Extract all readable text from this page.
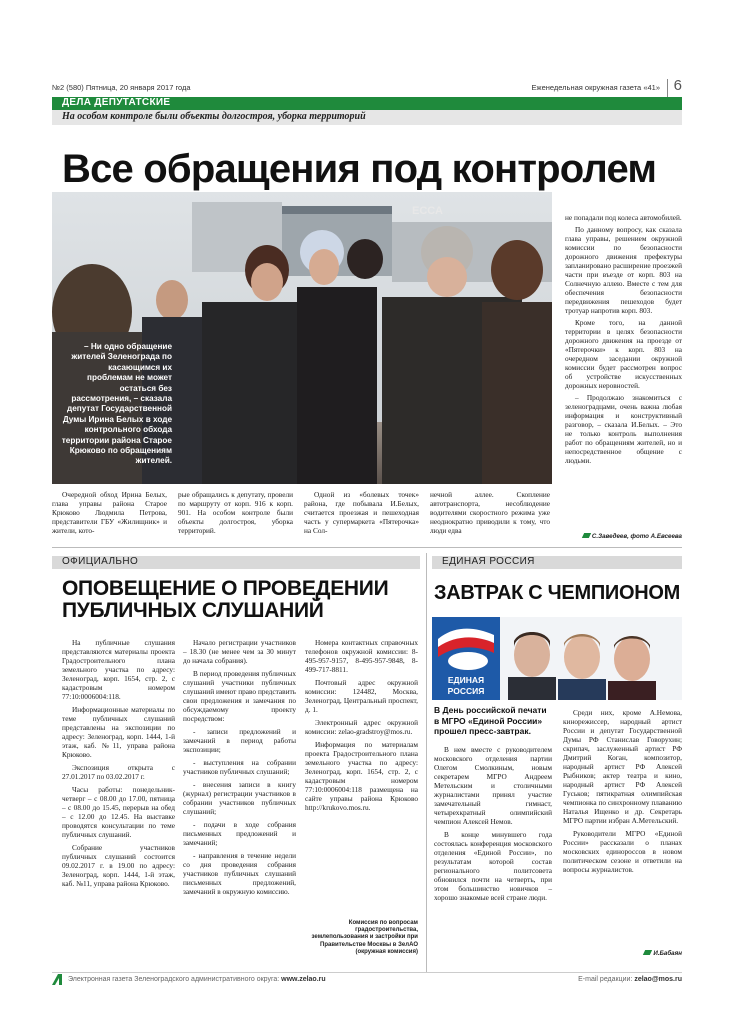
№2 (580) Пятница, 20 января 2017 года	Еженедельная окружная газета «41» 6
ДЕЛА ДЕПУТАТСКИЕ
На особом контроле были объекты долгостроя, уборка территорий
ЕССА
Все обращения под контролем
– Ни одно обращение жителей Зеленограда по касающимся их проблемам не может остаться без рассмотрения, – сказала депутат Государственной Думы Ирина Белых в ходе контрольного обхода территории района Старое Крюково по обращениям жителей.

Очередной обход Ирина Белых, глава управы района Старое Крюково Людмила Петрова, представители ГБУ «Жилищник» и жители, кото-

рые обращались к депутату, провели по маршруту от корп. 916 к корп. 901. На особом контроле были объекты долгостроя, уборка территорий.

Одной из «болевых точек» района, где побывала И.Белых, считается проезжая и пешеходная часть у супермаркета «Пятерочка» на Сол-

нечной аллее. Скопление автотранспорта, несоблюдение водителями скоростного режима уже неоднократно приводили к тому, что люди едва

не попадали под колеса автомобилей.

По данному вопросу, как сказала глава управы, решением окружной комиссии по безопасности дорожного движения префектуры запланировано расширение проезжей части при въезде от корп. 803 на Солнечную аллею. Вместе с тем для обеспечения безопасности передвижения пешеходов будет тротуар напротив корп. 803.

Кроме того, на данной территории в целях безопасности дорожного движения на проезде от «Пятерочки» к корп. 803 на очередном заседании окружной комиссии будет рассмотрен вопрос об устройстве искусственных дорожных неровностей.

– Продолжаю знакомиться с зеленоградцами, очень важна любая информация и конструктивный разговор, – сказала И.Белых. – Это не только контроль выполнения работ по обращениям жителей, но и непосредственное общение с людьми.

С.Заведеев, фото А.Евсеева
ОФИЦИАЛЬНО
ОПОВЕЩЕНИЕ О ПРОВЕДЕНИИ
ПУБЛИЧНЫХ СЛУШАНИЙ

На публичные слушания представляются материалы проекта Градостроительного плана земельного участка по адресу: Зеленоград, корп. 1654, стр. 2, с кадастровым номером 77:10:0006004:118.

Информационные материалы по теме публичных слушаний представлены на экспозиции по адресу: Зеленоград, корп. 1444, 1-й этаж, каб. №11, управа района Крюково.

Экспозиция открыта с 27.01.2017 по 03.02.2017 г.

Часы работы: понедельник-четверг – с 08.00 до 17.00, пятница – с 08.00 до 15.45, перерыв на обед – с 12.00 до 12.45. На выставке проводятся консультации по теме публичных слушаний.

Собрание участников публичных слушаний состоится 09.02.2017 г. в 19.00 по адресу: Зеленоград, корп. 1444, 1-й этаж, каб. №11, управа района Крюково.

Начало регистрации участников – 18.30 (не менее чем за 30 минут до начала собрания).

В период проведения публичных слушаний участники публичных слушаний имеют право представить свои предложения и замечания по обсуждаемому проекту посредством:

- записи предложений и замечаний в период работы экспозиции;

- выступления на собрании участников публичных слушаний;

- внесения записи в книгу (журнал) регистрации участников в собрании участников публичных слушаний;

- подачи в ходе собрания письменных предложений и замечаний;

- направления в течение недели со дня проведения собрания участников публичных слушаний письменных предложений, замечаний в окружную комиссию.

Номера контактных справочных телефонов окружной комиссии: 8-495-957-9157, 8-495-957-9848, 8-499-717-8811.

Почтовый адрес окружной комиссии: 124482, Москва, Зеленоград, Центральный проспект, д. 1.

Электронный адрес окружной комиссии: zelao-gradstroy@mos.ru.

Информация по материалам проекта Градостроительного плана земельного участка по адресу: Зеленоград, корп. 1654, стр. 2, с кадастровым номером 77:10:0006004:118 размещена на сайте управы района Крюково http://krukovo.mos.ru.

Комиссия по вопросам градостроительства, землепользования и застройки при Правительстве Москвы в ЗелАО (окружная комиссия)
ЕДИНАЯ РОССИЯ
ЗАВТРАК С ЧЕМПИОНОМ
ЕДИНАЯ
РОССИЯ
В День российской печати в МГРО «Единой России» прошел пресс-завтрак.

В нем вместе с руководителем московского отделения партии Олегом Смолкиным, новым секретарем МГРО Андреем Метельским и столичными журналистами принял участие замечательный гимнаст, четырехкратный олимпийский чемпион Алексей Немов.

В конце минувшего года состоялась конференция московского отделения «Единой России», по результатам которой состав регионального политсовета обновился почти на четверть, при этом большинство новичков – хорошо знакомые всей стране люди.

Среди них, кроме А.Немова, кинорежиссер, народный артист России и депутат Государственной Думы РФ Станислав Говорухин; скрипач, заслуженный артист РФ Дмитрий Коган, композитор, народный артист РФ Алексей Рыбников; актер театра и кино, народный артист РФ Алексей Гуськов; пятикратная олимпийская чемпионка по синхронному плаванию Наталья Ищенко и др. Секретарь МГРО партии избран А.Метельский.

Руководители МГРО «Единой России» рассказали о планах московских единороссов в новом политическом сезоне и ответили на вопросы журналистов.

И.Бабаян
Электронная газета Зеленоградского административного округа: www.zelao.ru	E-mail редакции: zelao@mos.ru
